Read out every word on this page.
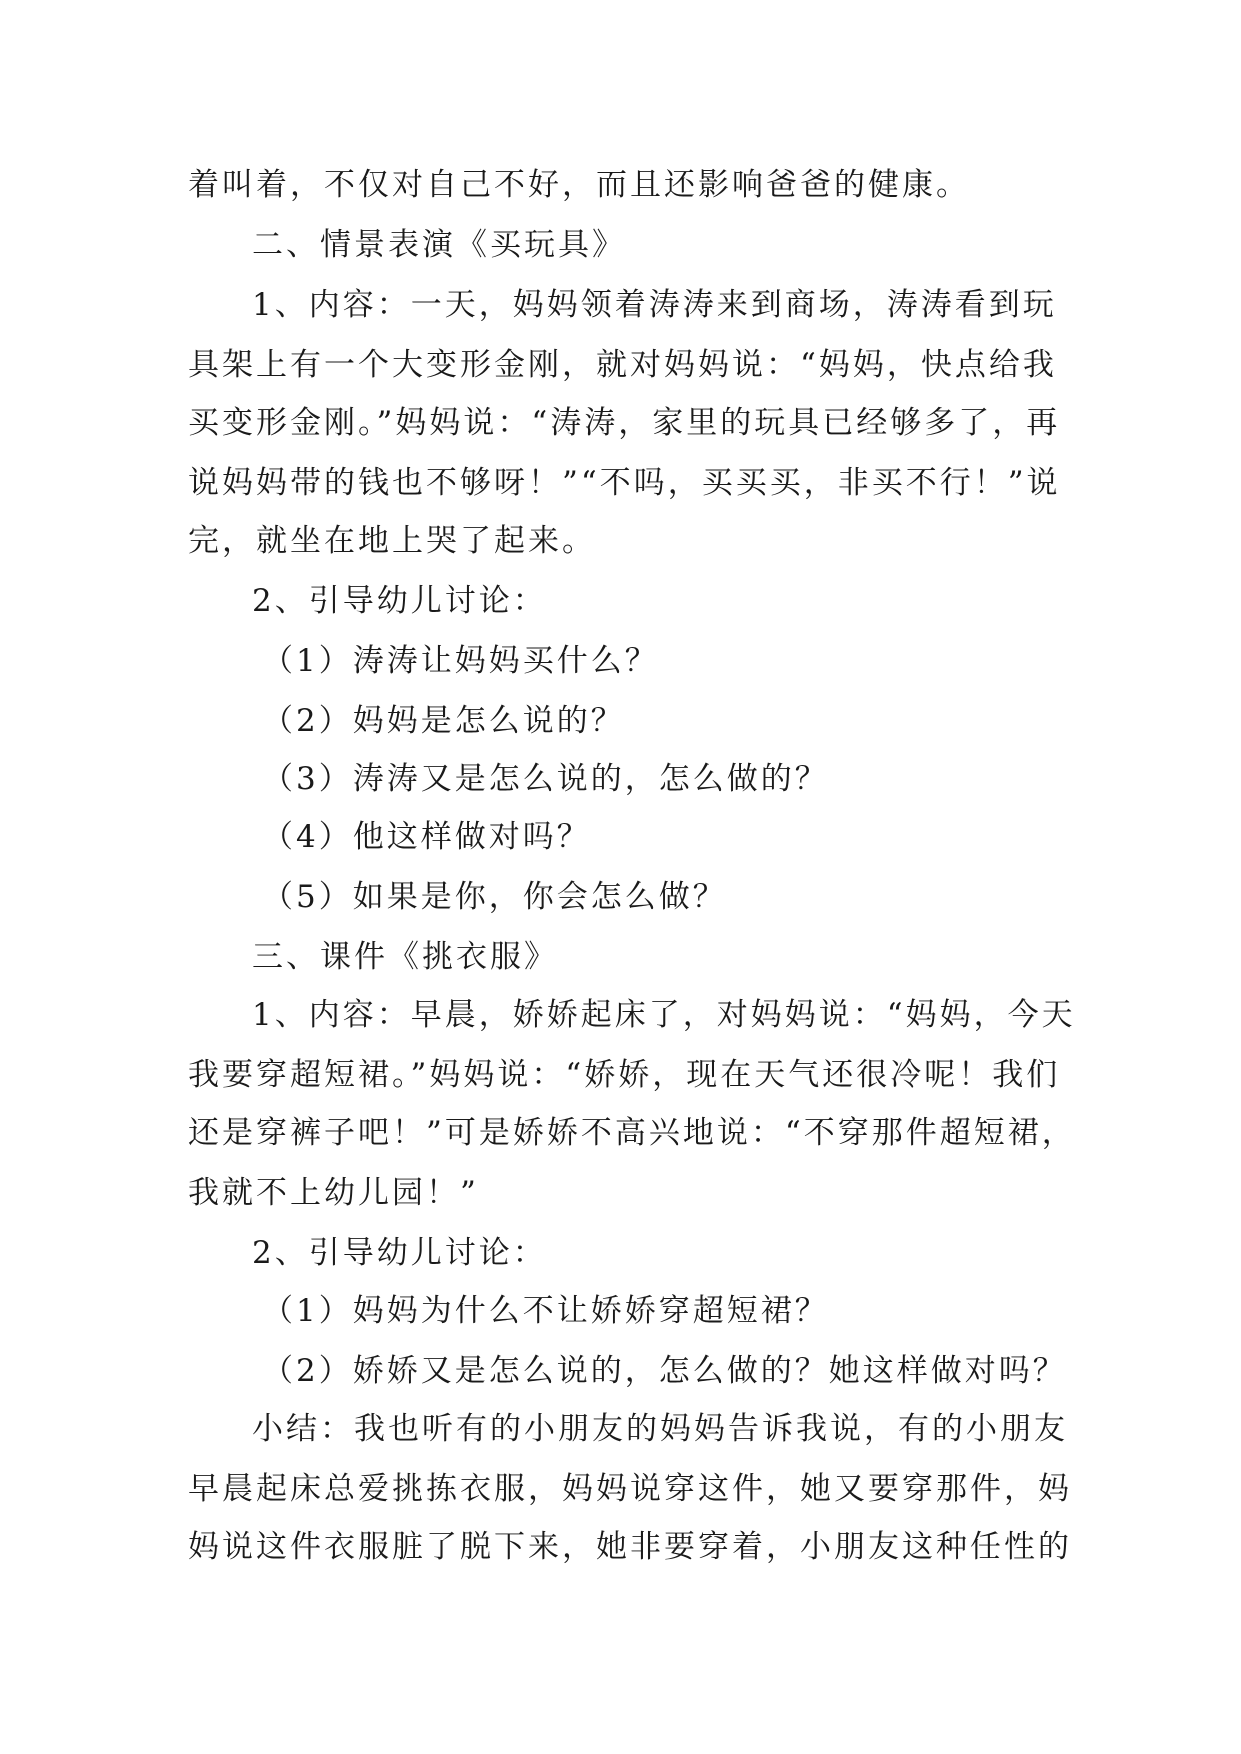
着叫着，不仅对自己不好，而且还影响爸爸的健康。
二、情景表演《买玩具》
1、内容：一天，妈妈领着涛涛来到商场，涛涛看到玩
具架上有一个大变形金刚，就对妈妈说：“妈妈，快点给我
买变形金刚。”妈妈说：“涛涛，家里的玩具已经够多了，再
说妈妈带的钱也不够呀！”“不吗，买买买，非买不行！”说
完，就坐在地上哭了起来。
2、引导幼儿讨论：
（1）涛涛让妈妈买什么？
（2）妈妈是怎么说的？
（3）涛涛又是怎么说的，怎么做的？
（4）他这样做对吗？
（5）如果是你，你会怎么做？
三、课件《挑衣服》
1、内容：早晨，娇娇起床了，对妈妈说：“妈妈，今天
我要穿超短裙。”妈妈说：“娇娇，现在天气还很冷呢！我们
还是穿裤子吧！”可是娇娇不高兴地说：“不穿那件超短裙，
我就不上幼儿园！”
2、引导幼儿讨论：
（1）妈妈为什么不让娇娇穿超短裙？
（2）娇娇又是怎么说的，怎么做的？她这样做对吗？
小结：我也听有的小朋友的妈妈告诉我说，有的小朋友
早晨起床总爱挑拣衣服，妈妈说穿这件，她又要穿那件，妈
妈说这件衣服脏了脱下来，她非要穿着，小朋友这种任性的
